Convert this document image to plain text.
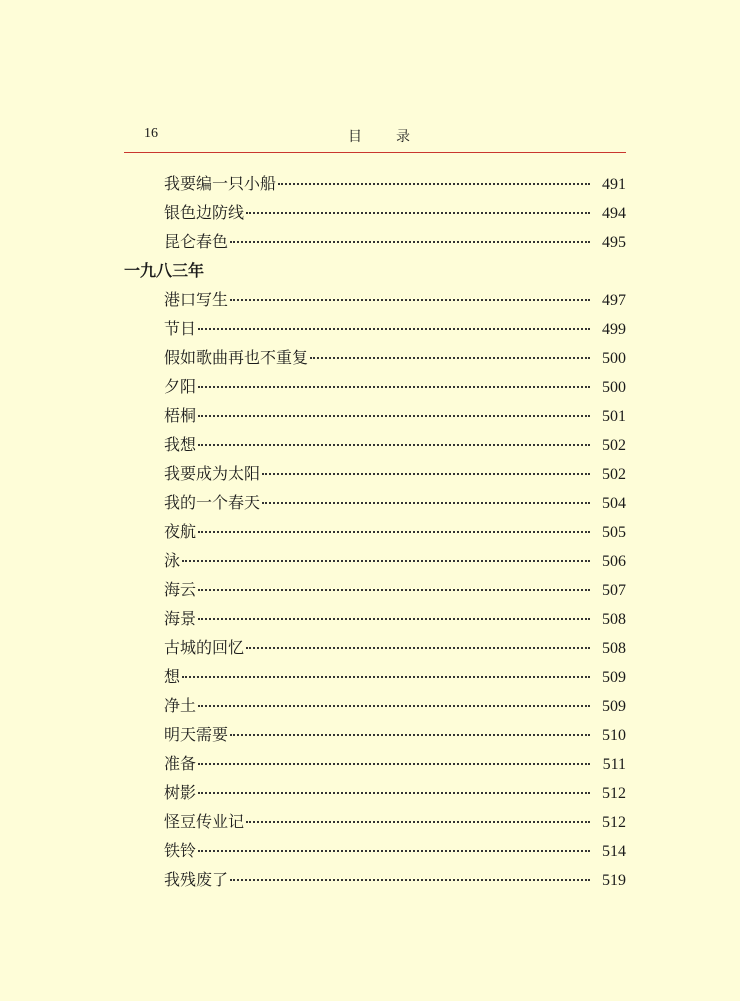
16	目录
我要编一只小船	491
银色边防线	494
昆仑春色	495
一九八三年
港口写生	497
节日	499
假如歌曲再也不重复	500
夕阳	500
梧桐	501
我想	502
我要成为太阳	502
我的一个春天	504
夜航	505
泳	506
海云	507
海景	508
古城的回忆	508
想	509
净土	509
明天需要	510
准备	511
树影	512
怪豆传业记	512
铁铃	514
我残废了	519
